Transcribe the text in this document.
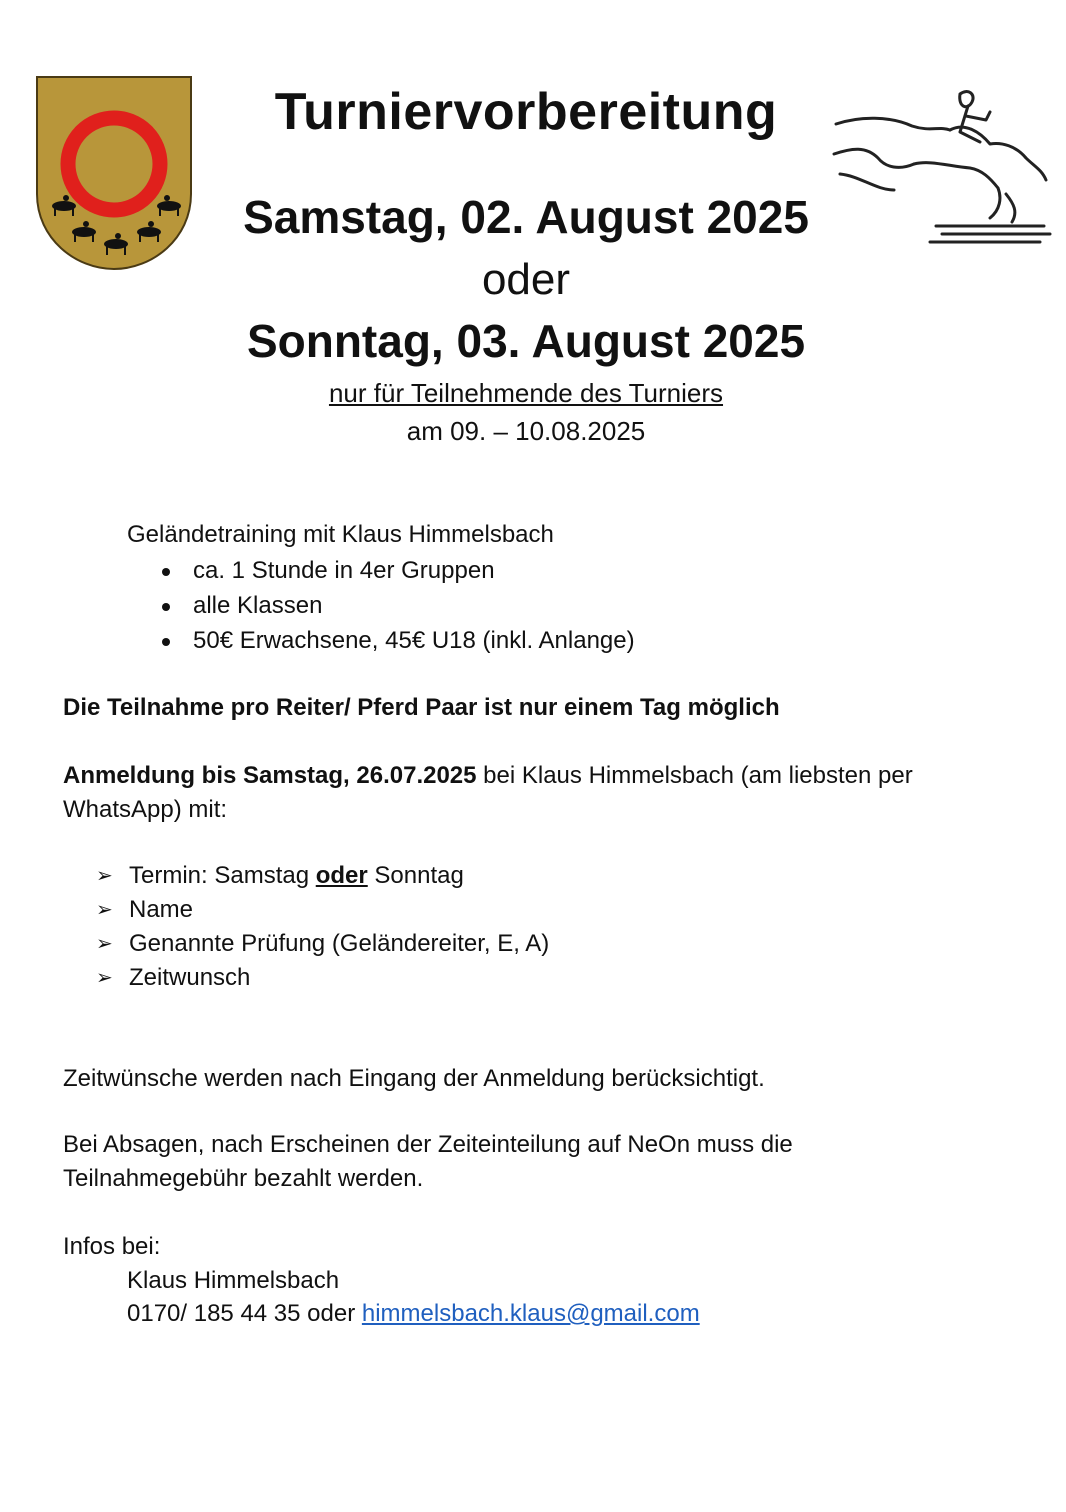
Turniervorbereitung
Samstag, 02. August 2025
oder
Sonntag, 03. August 2025
nur für Teilnehmende des Turniers
am 09. – 10.08.2025
Geländetraining mit Klaus Himmelsbach
ca. 1 Stunde in 4er Gruppen
alle Klassen
50€ Erwachsene, 45€ U18 (inkl. Anlange)
Die Teilnahme pro Reiter/ Pferd Paar ist nur einem Tag möglich
Anmeldung bis Samstag, 26.07.2025 bei Klaus Himmelsbach (am liebsten per WhatsApp) mit:
➢ Termin: Samstag oder Sonntag
➢ Name
➢ Genannte Prüfung (Geländereiter, E, A)
➢ Zeitwunsch
Zeitwünsche werden nach Eingang der Anmeldung berücksichtigt.
Bei Absagen, nach Erscheinen der Zeiteinteilung auf NeOn muss die Teilnahmegebühr bezahlt werden.
Infos bei:
Klaus Himmelsbach
0170/ 185 44 35 oder himmelsbach.klaus@gmail.com
